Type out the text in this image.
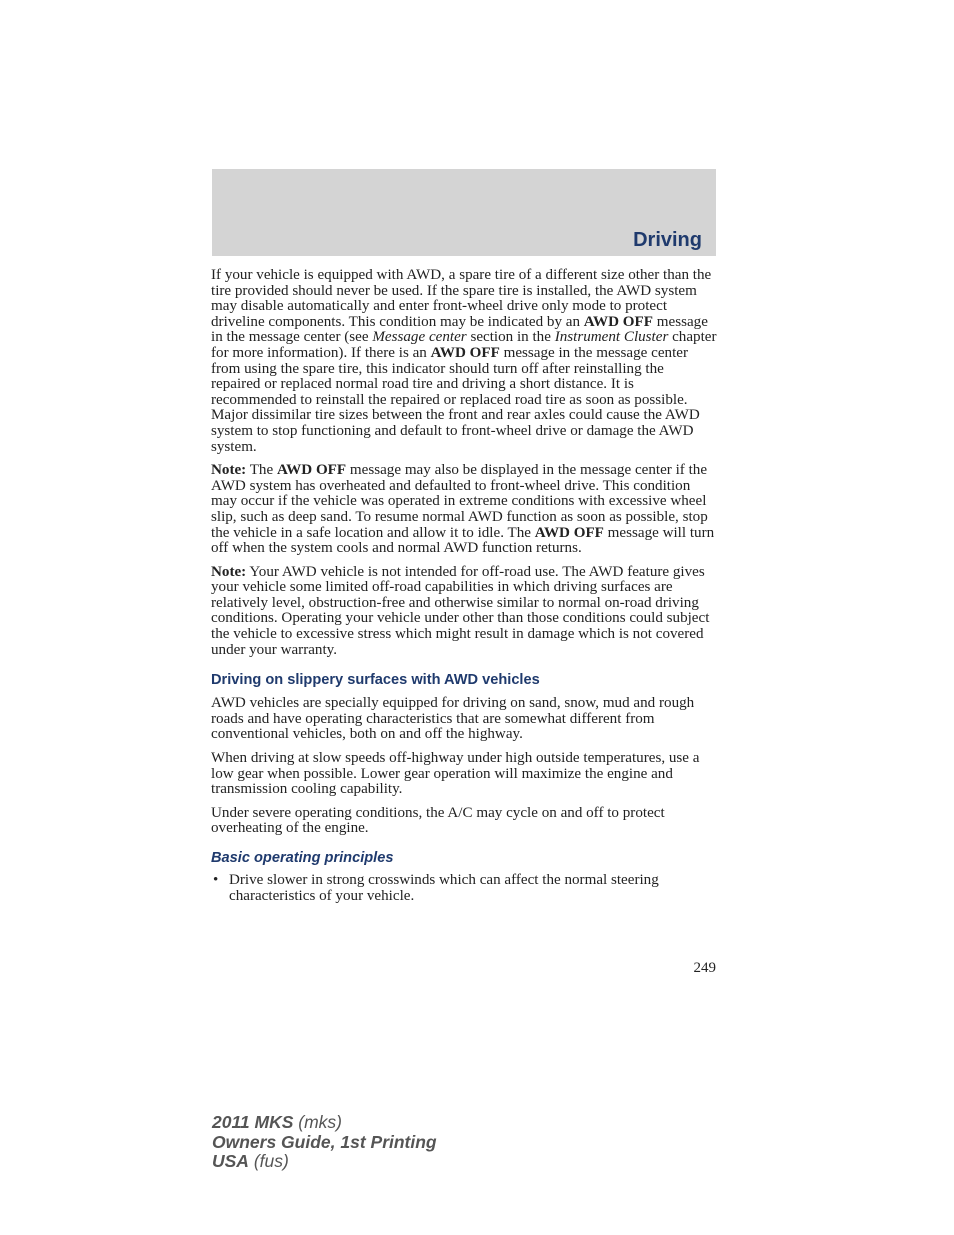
Driving

If your vehicle is equipped with AWD, a spare tire of a different size other than the tire provided should never be used. If the spare tire is installed, the AWD system may disable automatically and enter front-wheel drive only mode to protect driveline components. This condition may be indicated by an AWD OFF message in the message center (see Message center section in the Instrument Cluster chapter for more information). If there is an AWD OFF message in the message center from using the spare tire, this indicator should turn off after reinstalling the repaired or replaced normal road tire and driving a short distance. It is recommended to reinstall the repaired or replaced road tire as soon as possible. Major dissimilar tire sizes between the front and rear axles could cause the AWD system to stop functioning and default to front-wheel drive or damage the AWD system.

Note: The AWD OFF message may also be displayed in the message center if the AWD system has overheated and defaulted to front-wheel drive. This condition may occur if the vehicle was operated in extreme conditions with excessive wheel slip, such as deep sand. To resume normal AWD function as soon as possible, stop the vehicle in a safe location and allow it to idle. The AWD OFF message will turn off when the system cools and normal AWD function returns.

Note: Your AWD vehicle is not intended for off-road use. The AWD feature gives your vehicle some limited off-road capabilities in which driving surfaces are relatively level, obstruction-free and otherwise similar to normal on-road driving conditions. Operating your vehicle under other than those conditions could subject the vehicle to excessive stress which might result in damage which is not covered under your warranty.

Driving on slippery surfaces with AWD vehicles

AWD vehicles are specially equipped for driving on sand, snow, mud and rough roads and have operating characteristics that are somewhat different from conventional vehicles, both on and off the highway.

When driving at slow speeds off-highway under high outside temperatures, use a low gear when possible. Lower gear operation will maximize the engine and transmission cooling capability.

Under severe operating conditions, the A/C may cycle on and off to protect overheating of the engine.

Basic operating principles
• Drive slower in strong crosswinds which can affect the normal steering characteristics of your vehicle.
249
2011 MKS (mks)
Owners Guide, 1st Printing
USA (fus)
